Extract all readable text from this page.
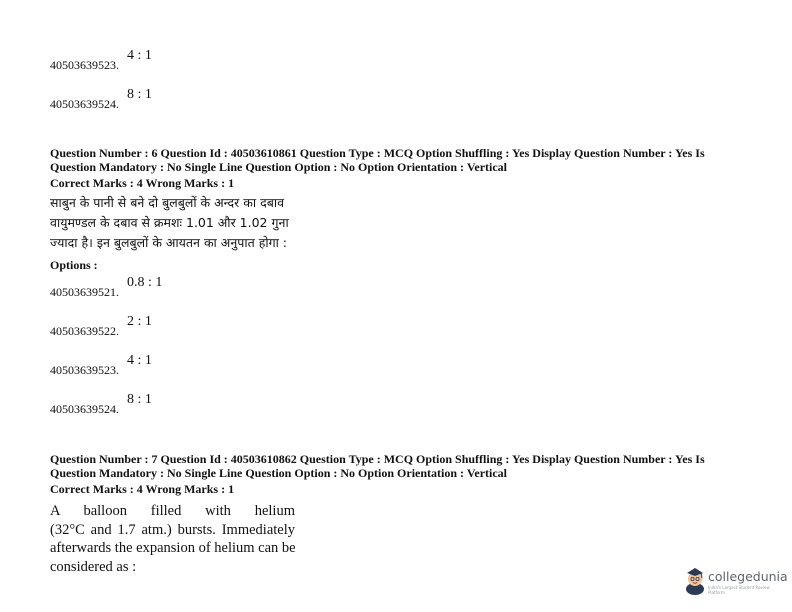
40503639523.
4 : 1
40503639524.
8 : 1
Question Number : 6 Question Id : 40503610861 Question Type : MCQ Option Shuffling : Yes Display Question Number : Yes Is
Question Mandatory : No Single Line Question Option : No Option Orientation : Vertical
Correct Marks : 4 Wrong Marks : 1
साबुन के पानी से बने दो बुलबुलों के अन्दर का दबाव
वायुमण्डल के दबाव से क्रमशः 1.01 और 1.02 गुना
ज्यादा है। इन बुलबुलों के आयतन का अनुपात होगा :
Options :
40503639521.
0.8 : 1
40503639522.
2 : 1
40503639523.
4 : 1
40503639524.
8 : 1
Question Number : 7 Question Id : 40503610862 Question Type : MCQ Option Shuffling : Yes Display Question Number : Yes Is
Question Mandatory : No Single Line Question Option : No Option Orientation : Vertical
Correct Marks : 4 Wrong Marks : 1
A balloon filled with helium
(32°C and 1.7 atm.) bursts. Immediately
afterwards the expansion of helium can be
considered as :
collegedunia
India's Largest Student Review Platform
